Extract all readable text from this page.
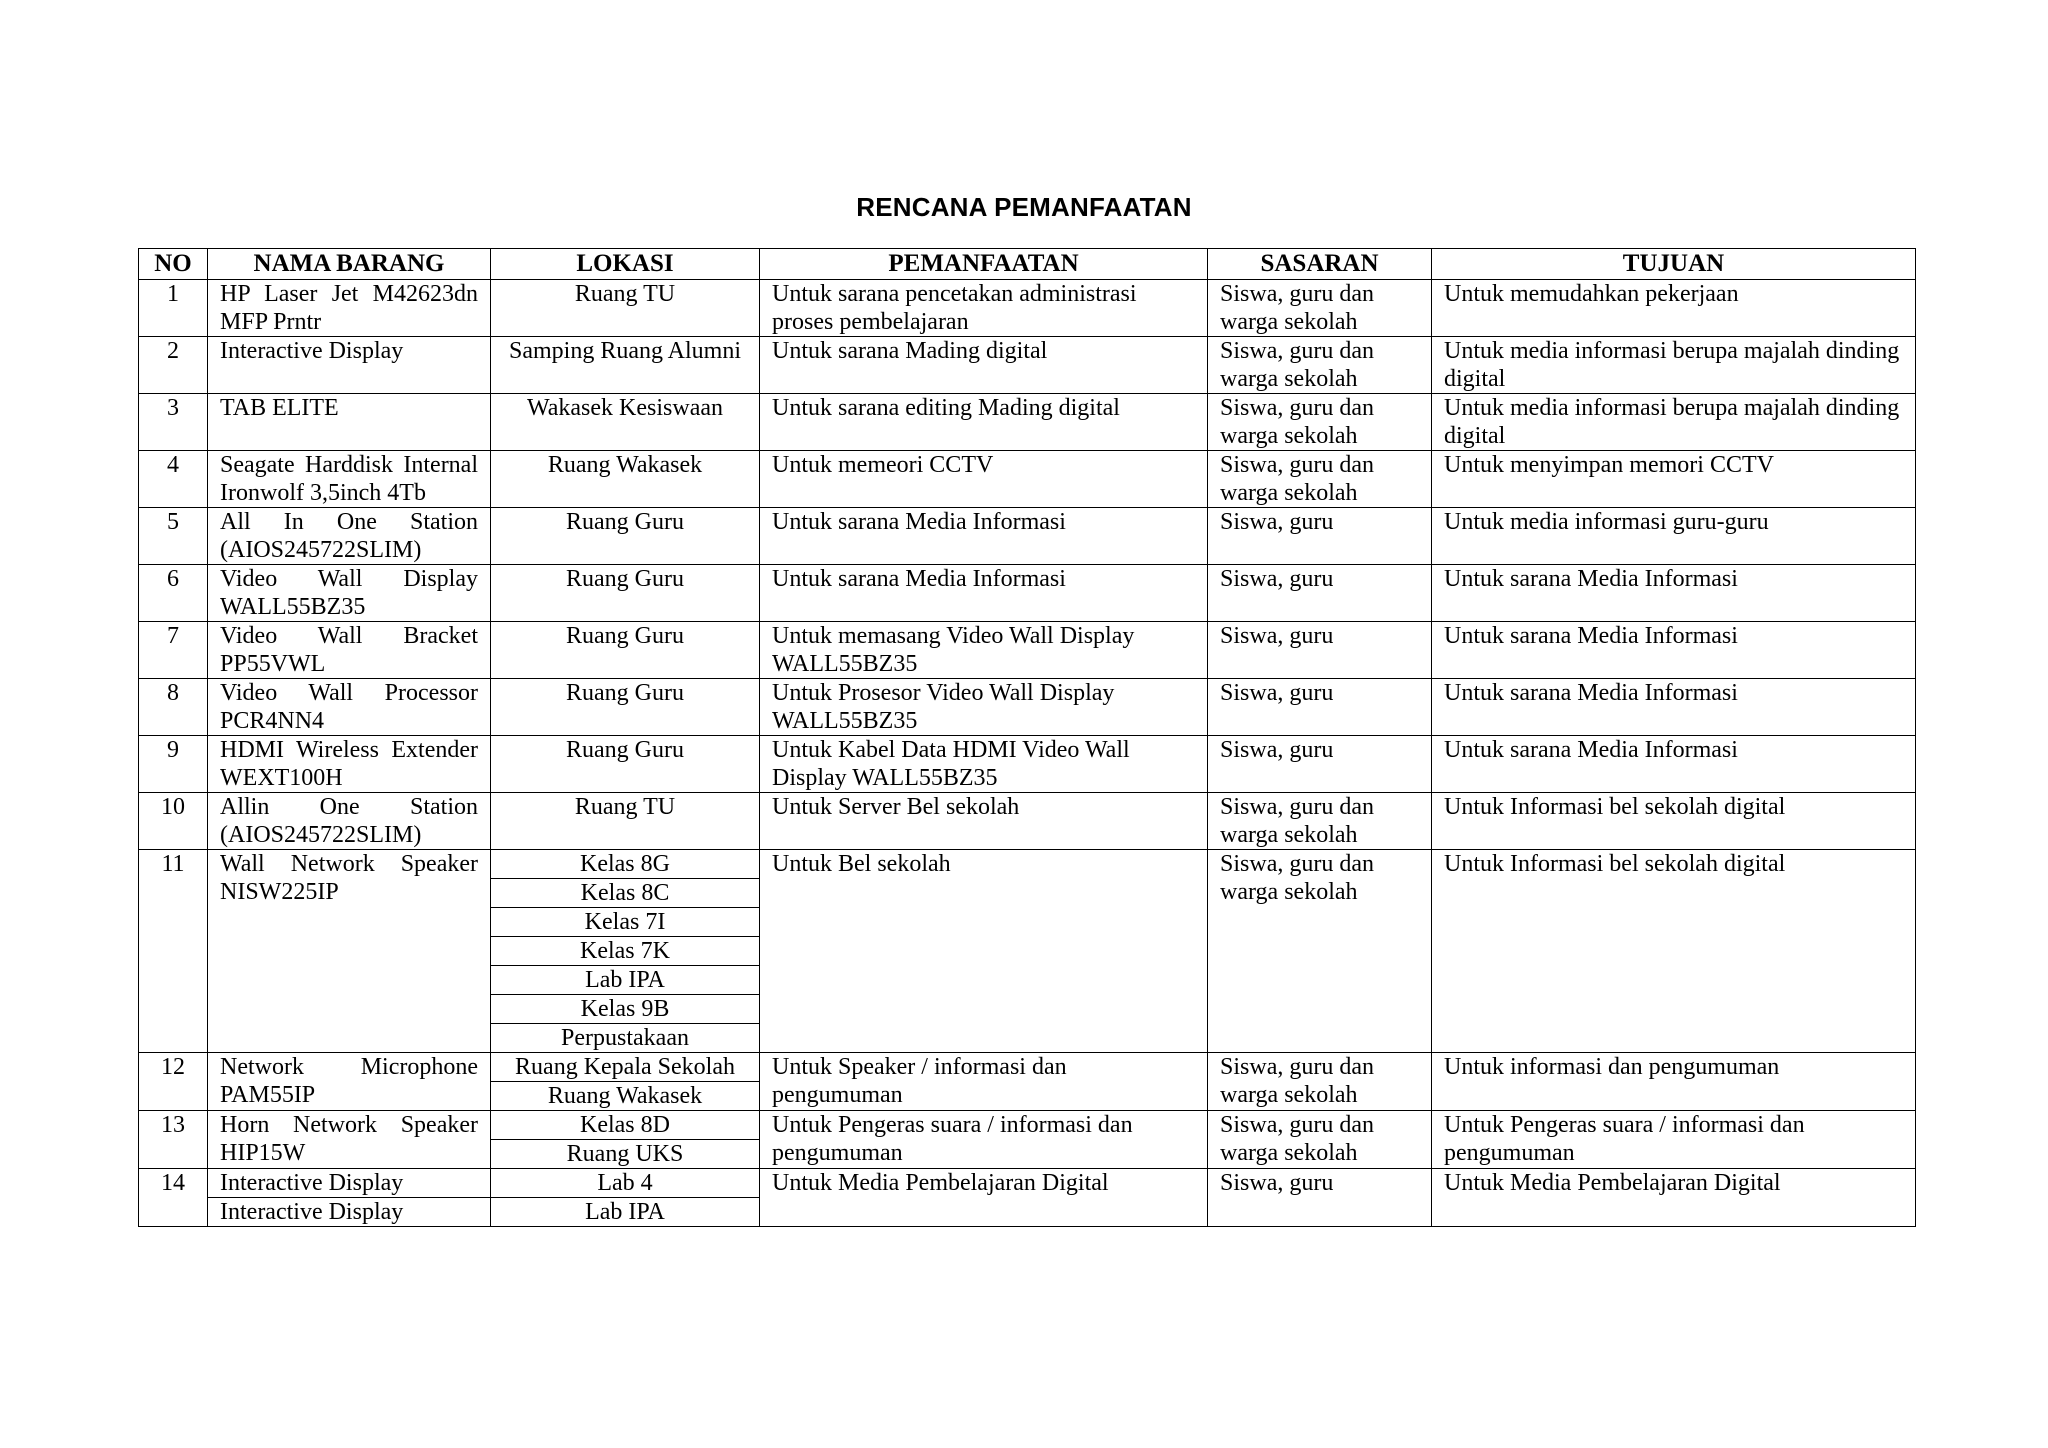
RENCANA PEMANFAATAN
NO	NAMA BARANG	LOKASI	PEMANFAATAN	SASARAN	TUJUAN
1	HP Laser Jet M42623dn MFP Prntr	Ruang TU	Untuk sarana pencetakan administrasi proses pembelajaran	Siswa, guru dan warga sekolah	Untuk memudahkan pekerjaan
2	Interactive Display	Samping Ruang Alumni	Untuk sarana Mading digital	Siswa, guru dan warga sekolah	Untuk media informasi berupa majalah dinding digital
3	TAB ELITE	Wakasek Kesiswaan	Untuk sarana editing Mading digital	Siswa, guru dan warga sekolah	Untuk media informasi berupa majalah dinding digital
4	Seagate Harddisk Internal Ironwolf 3,5inch 4Tb	Ruang Wakasek	Untuk memeori CCTV	Siswa, guru dan warga sekolah	Untuk menyimpan memori CCTV
5	All In One Station (AIOS245722SLIM)	Ruang Guru	Untuk sarana Media Informasi	Siswa, guru	Untuk media informasi guru-guru
6	Video Wall Display WALL55BZ35	Ruang Guru	Untuk sarana Media Informasi	Siswa, guru	Untuk sarana Media Informasi
7	Video Wall Bracket PP55VWL	Ruang Guru	Untuk memasang Video Wall Display WALL55BZ35	Siswa, guru	Untuk sarana Media Informasi
8	Video Wall Processor PCR4NN4	Ruang Guru	Untuk Prosesor Video Wall Display WALL55BZ35	Siswa, guru	Untuk sarana Media Informasi
9	HDMI Wireless Extender WEXT100H	Ruang Guru	Untuk Kabel Data HDMI Video Wall Display WALL55BZ35	Siswa, guru	Untuk sarana Media Informasi
10	Allin One Station (AIOS245722SLIM)	Ruang TU	Untuk Server Bel sekolah	Siswa, guru dan warga sekolah	Untuk Informasi bel sekolah digital
11	Wall Network Speaker NISW225IP	Kelas 8G	Untuk Bel sekolah	Siswa, guru dan warga sekolah	Untuk Informasi bel sekolah digital
		Kelas 8C			
		Kelas 7I			
		Kelas 7K			
		Lab IPA			
		Kelas 9B			
		Perpustakaan			
12	Network Microphone PAM55IP	Ruang Kepala Sekolah	Untuk Speaker / informasi dan pengumuman	Siswa, guru dan warga sekolah	Untuk informasi dan pengumuman
		Ruang Wakasek			
13	Horn Network Speaker HIP15W	Kelas 8D	Untuk Pengeras suara / informasi dan pengumuman	Siswa, guru dan warga sekolah	Untuk Pengeras suara / informasi dan pengumuman
		Ruang UKS			
14	Interactive Display	Lab 4	Untuk Media Pembelajaran Digital	Siswa, guru	Untuk Media Pembelajaran Digital
	Interactive Display	Lab IPA			
